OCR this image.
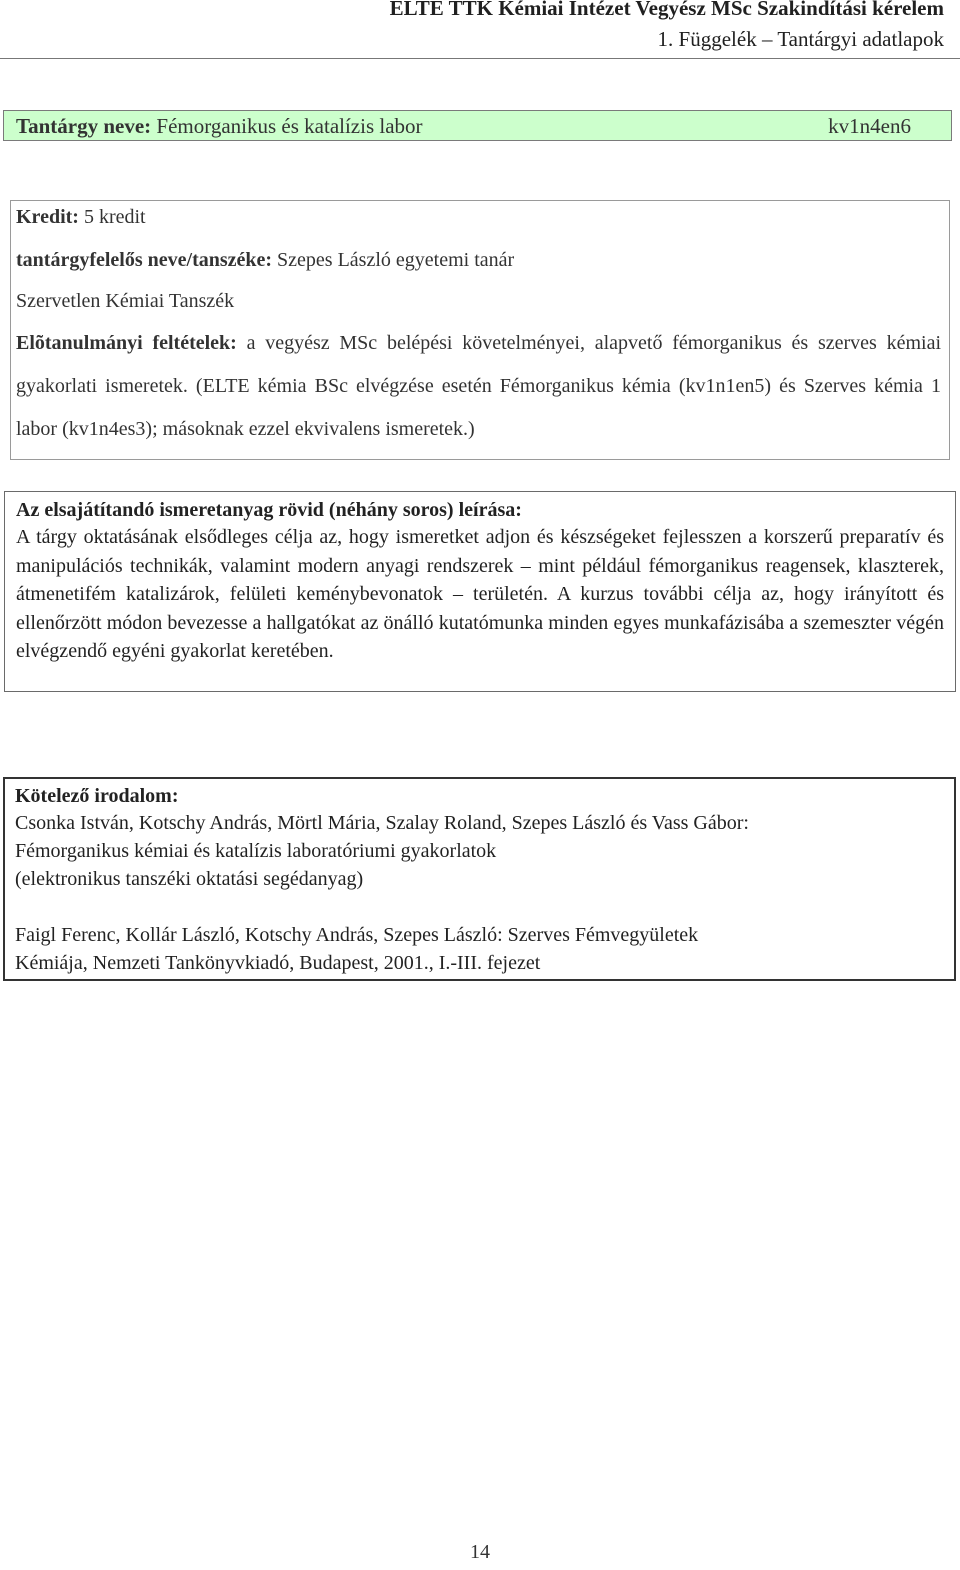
ELTE TTK Kémiai Intézet Vegyész MSc Szakindítási kérelem
1. Függelék – Tantárgyi adatlapok
Tantárgy neve: Fémorganikus és katalízis labor	kv1n4en6
Kredit: 5 kredit
tantárgyfelelős neve/tanszéke: Szepes László egyetemi tanár
Szervetlen Kémiai Tanszék
Elõtanulmányi feltételek: a vegyész MSc belépési követelményei, alapvető fémorganikus és szerves kémiai gyakorlati ismeretek. (ELTE kémia BSc elvégzése esetén Fémorganikus kémia (kv1n1en5) és Szerves kémia 1 labor (kv1n4es3); másoknak ezzel ekvivalens ismeretek.)
Az elsajátítandó ismeretanyag rövid (néhány soros) leírása:
A tárgy oktatásának elsődleges célja az, hogy ismeretket adjon és készségeket fejlesszen a korszerű preparatív és manipulációs technikák, valamint modern anyagi rendszerek – mint például fémorganikus reagensek, klaszterek, átmenetifém katalizárok, felületi keménybevonatok – területén. A kurzus további célja az, hogy irányított és ellenőrzött módon bevezesse a hallgatókat az önálló kutatómunka minden egyes munkafázisába a szemeszter végén elvégzendő egyéni gyakorlat keretében.
Kötelező irodalom:
Csonka István, Kotschy András, Mörtl Mária, Szalay Roland, Szepes László és Vass Gábor:
Fémorganikus kémiai és katalízis laboratóriumi gyakorlatok
(elektronikus tanszéki oktatási segédanyag)
Faigl Ferenc, Kollár László, Kotschy András, Szepes László: Szerves Fémvegyületek
Kémiája, Nemzeti Tankönyvkiadó, Budapest, 2001., I.-III. fejezet
14
